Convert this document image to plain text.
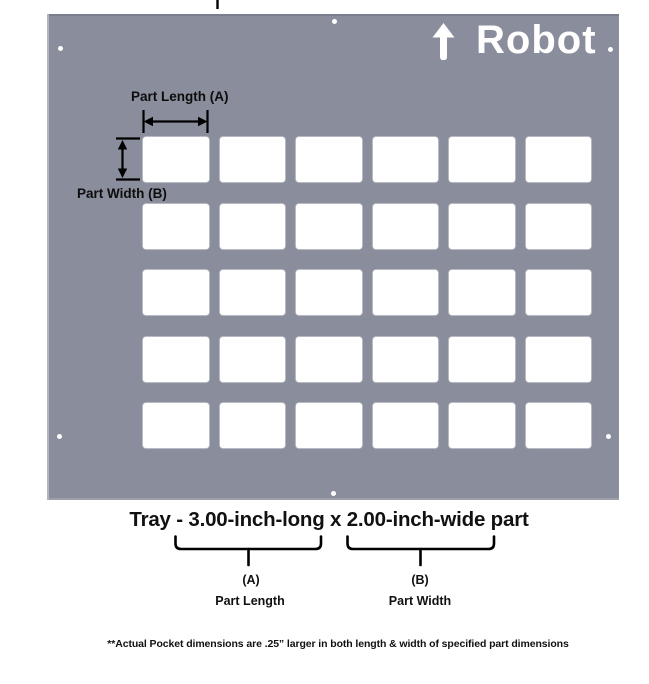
Robot
Part Length (A)
Part Width (B)
Tray - 3.00-inch-long x 2.00-inch-wide part
(A)
Part Length
(B)
Part Width
**Actual Pocket dimensions are .25” larger in both length & width of specified part dimensions
